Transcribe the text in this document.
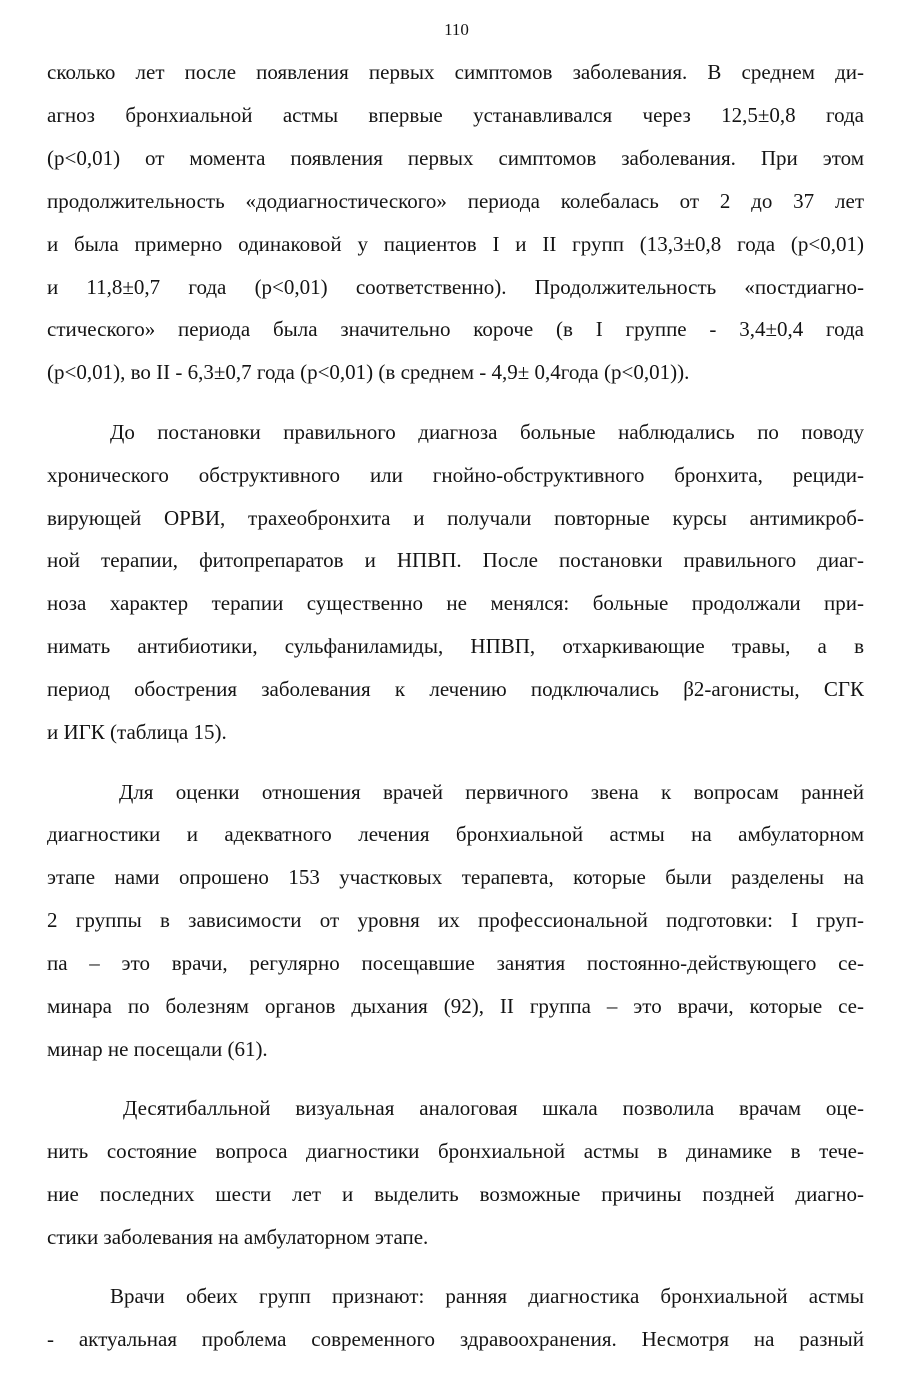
110

сколько лет после появления первых симптомов заболевания. В среднем ди-
агноз бронхиальной астмы впервые устанавливался через 12,5±0,8 года
(р<0,01) от момента появления первых симптомов заболевания. При этом
продолжительность «додиагностического» периода колебалась от 2 до 37 лет
и была примерно одинаковой у пациентов I и II групп (13,3±0,8 года (р<0,01)
и 11,8±0,7 года (р<0,01) соответственно). Продолжительность «постдиагно-
стического» периода была значительно короче (в I группе - 3,4±0,4 года
(р<0,01), во II - 6,3±0,7 года (р<0,01) (в среднем - 4,9± 0,4года (р<0,01)).

До постановки правильного диагноза больные наблюдались по поводу
хронического обструктивного или гнойно-обструктивного бронхита, рециди-
вирующей ОРВИ, трахеобронхита и получали повторные курсы антимикроб-
ной терапии, фитопрепаратов и НПВП. После постановки правильного диаг-
ноза характер терапии существенно не менялся: больные продолжали при-
нимать антибиотики, сульфаниламиды, НПВП, отхаркивающие травы, а в
период обострения заболевания к лечению подключались β2-агонисты, СГК
и ИГК (таблица 15).

Для оценки отношения врачей первичного звена к вопросам ранней
диагностики и адекватного лечения бронхиальной астмы на амбулаторном
этапе нами опрошено 153 участковых терапевта, которые были разделены на
2 группы в зависимости от уровня их профессиональной подготовки: I груп-
па – это врачи, регулярно посещавшие занятия постоянно-действующего се-
минара по болезням органов дыхания (92), II группа – это врачи, которые се-
минар не посещали (61).

Десятибалльной визуальная аналоговая шкала позволила врачам оце-
нить состояние вопроса диагностики бронхиальной астмы в динамике в тече-
ние последних шести лет и выделить возможные причины поздней диагно-
стики заболевания на амбулаторном этапе.

Врачи обеих групп признают: ранняя диагностика бронхиальной астмы
- актуальная проблема современного здравоохранения. Несмотря на разный
